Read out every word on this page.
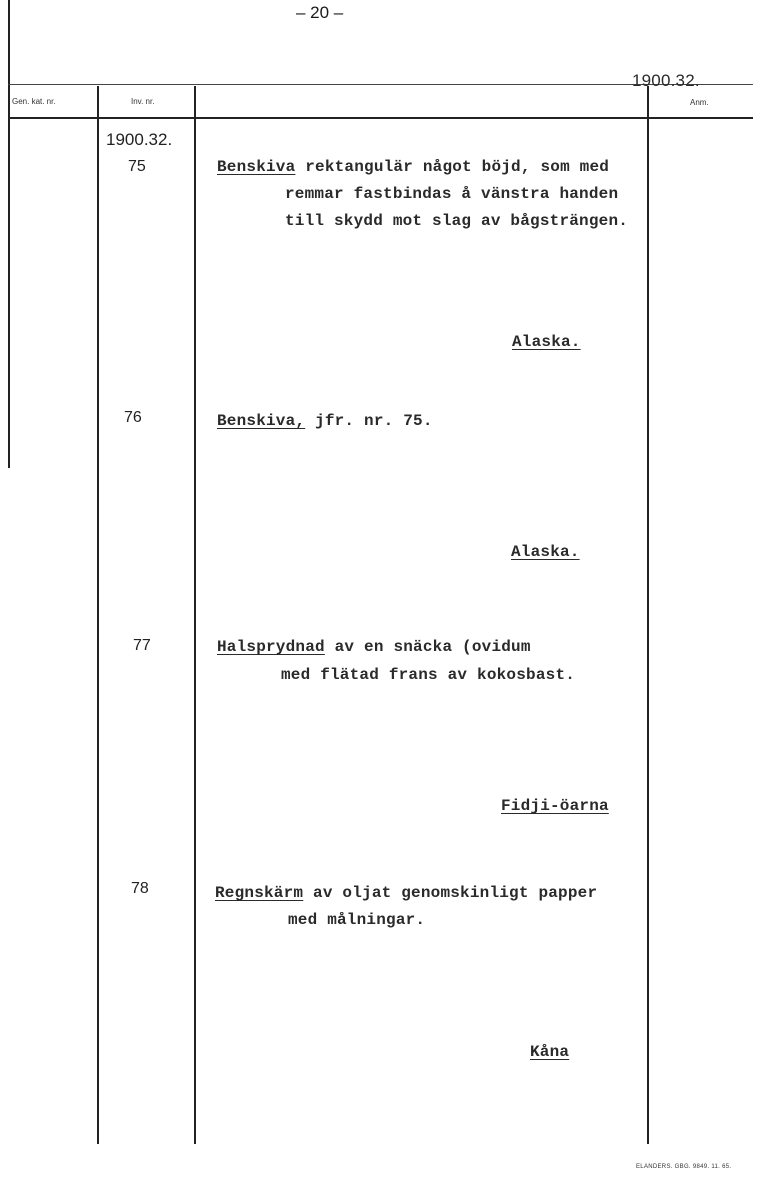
– 20 –
1900.32.
Gen. kat. nr.	Inv. nr.	Anm.
1900.32.
75	Benskiva rektangulär något böjd, som med
remmar fastbindas å vänstra handen
till skydd mot slag av bågsträngen.
Alaska.
76	Benskiva, jfr. nr. 75.
Alaska.
77	Halsprydnad av en snäcka (ovidum
med flätad frans av kokosbast.
Fidji-öarna
78	Regnskärm av oljat genomskinligt papper
med målningar.
Kåna
ELANDERS. GBG. 9849. 11. 65.
